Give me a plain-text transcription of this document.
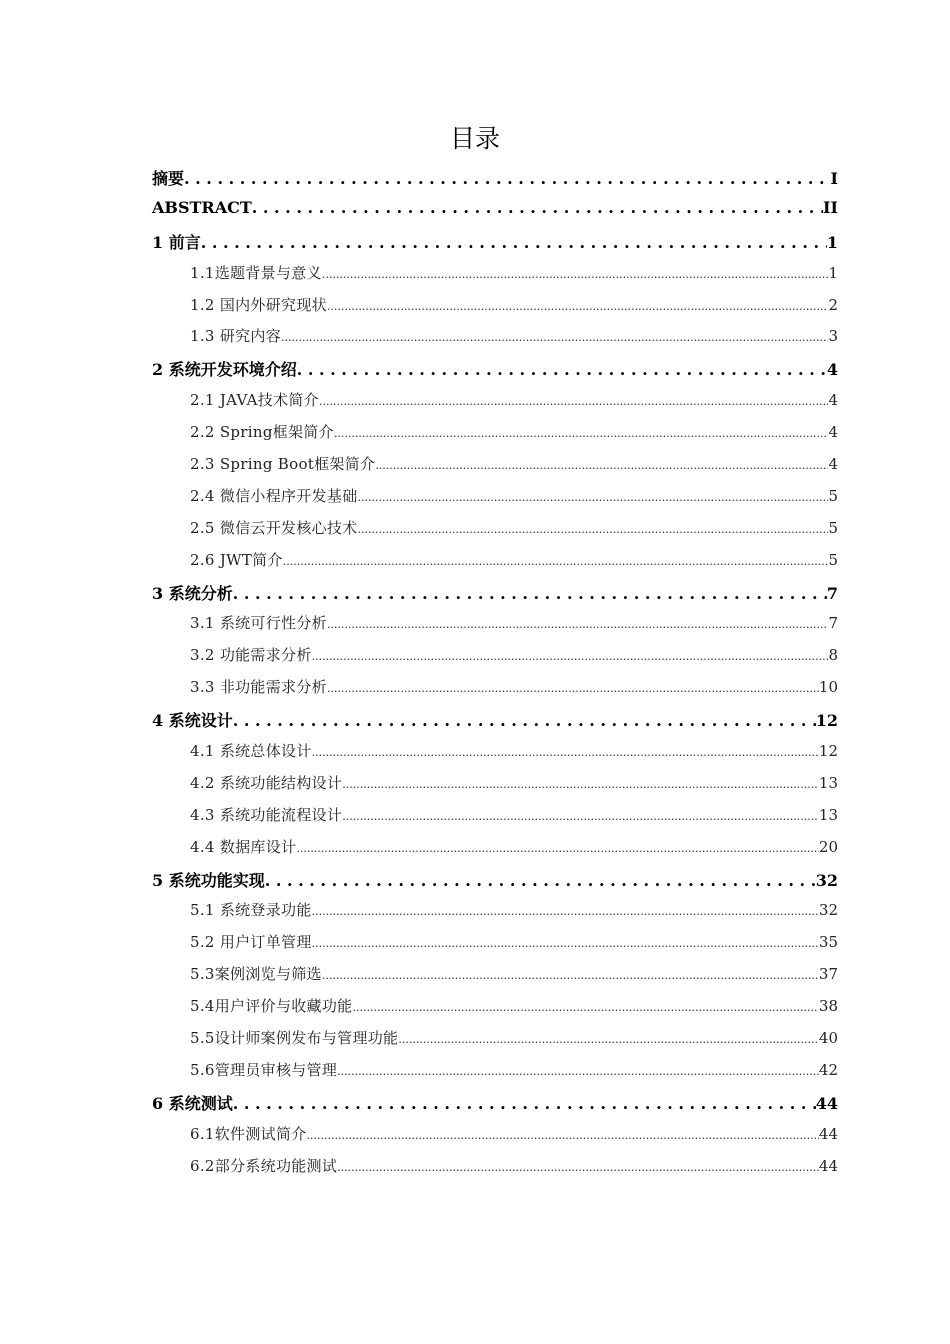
目录
摘要 . . .	I
ABSTRACT . . .	II
1 前言 . . .	1
1.1选题背景与意义 .....	1
1.2 国内外研究现状 .....	2
1.3 研究内容 .....	3
2 系统开发环境介绍 . . .	4
2.1 JAVA技术简介 .....	4
2.2 Spring框架简介 .....	4
2.3 Spring Boot框架简介 .....	4
2.4 微信小程序开发基础 .....	5
2.5 微信云开发核心技术 .....	5
2.6 JWT简介 .....	5
3 系统分析 . . .	7
3.1 系统可行性分析 .....	7
3.2 功能需求分析 .....	8
3.3 非功能需求分析 .....	10
4 系统设计 . . .	12
4.1 系统总体设计 .....	12
4.2 系统功能结构设计 .....	13
4.3 系统功能流程设计 .....	13
4.4 数据库设计 .....	20
5 系统功能实现 . . .	32
5.1 系统登录功能 .....	32
5.2 用户订单管理 .....	35
5.3案例浏览与筛选 .....	37
5.4用户评价与收藏功能 .....	38
5.5设计师案例发布与管理功能 .....	40
5.6管理员审核与管理 .....	42
6 系统测试 . . .	44
6.1软件测试简介 .....	44
6.2部分系统功能测试 .....	44
